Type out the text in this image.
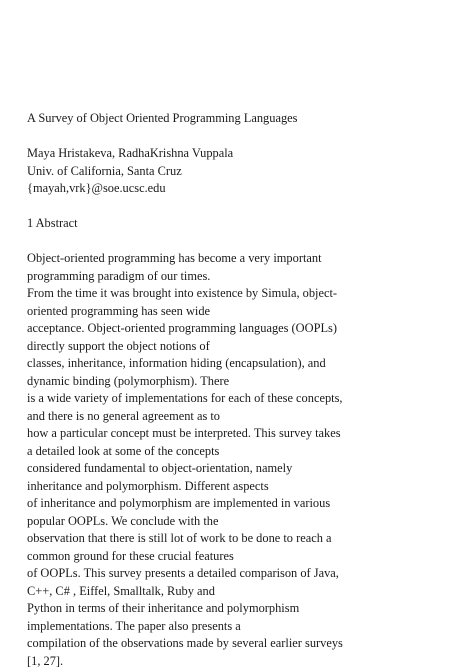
A Survey of Object Oriented Programming Languages
Maya Hristakeva, RadhaKrishna Vuppala
Univ. of California, Santa Cruz
{mayah,vrk}@soe.ucsc.edu
1 Abstract
Object-oriented programming has become a very important
programming paradigm of our times.
From the time it was brought into existence by Simula, object-
oriented programming has seen wide
acceptance. Object-oriented programming languages (OOPLs)
directly support the object notions of
classes, inheritance, information hiding (encapsulation), and
dynamic binding (polymorphism). There
is a wide variety of implementations for each of these concepts,
and there is no general agreement as to
how a particular concept must be interpreted. This survey takes
a detailed look at some of the concepts
considered fundamental to object-orientation, namely
inheritance and polymorphism. Different aspects
of inheritance and polymorphism are implemented in various
popular OOPLs. We conclude with the
observation that there is still lot of work to be done to reach a
common ground for these crucial features
of OOPLs. This survey presents a detailed comparison of Java,
C++, C# , Eiffel, Smalltalk, Ruby and
Python in terms of their inheritance and polymorphism
implementations. The paper also presents a
compilation of the observations made by several earlier surveys
[1, 27].
